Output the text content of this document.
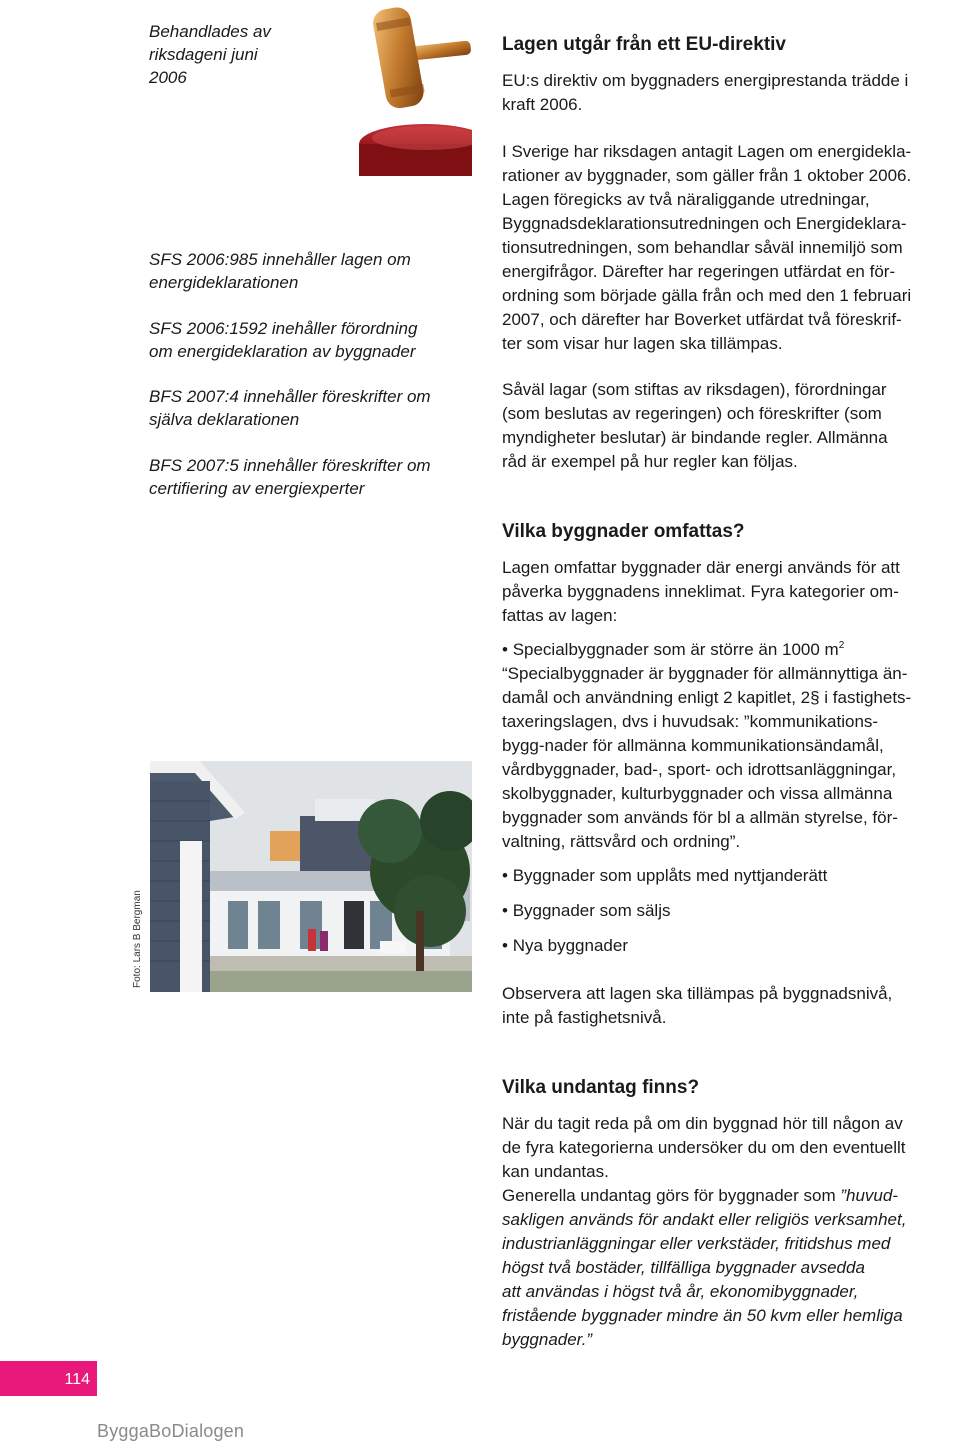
Behandlades av
riksdageni juni
2006
SFS 2006:985 innehåller lagen om
energideklarationen
SFS 2006:1592 inehåller förordning
om energideklaration av byggnader
BFS 2007:4 innehåller föreskrifter om
själva deklarationen
BFS 2007:5 innehåller föreskrifter om
certifiering av energiexperter
Foto: Lars B Bergman
Lagen utgår från ett EU-direktiv
EU:s direktiv om byggnaders energiprestanda trädde i
kraft 2006.
I Sverige har riksdagen antagit Lagen om energidekla-
rationer av byggnader, som gäller från 1 oktober 2006.
Lagen föregicks av två näraliggande utredningar,
Byggnadsdeklarationsutredningen och Energideklara-
tionsutredningen, som behandlar såväl innemiljö som
energifrågor. Därefter har regeringen utfärdat en för-
ordning som började gälla från och med den 1 februari
2007, och därefter har Boverket utfärdat två föreskrif-
ter som visar hur lagen ska tillämpas.
Såväl lagar (som stiftas av riksdagen), förordningar
(som beslutas av regeringen) och föreskrifter (som
myndigheter beslutar) är bindande regler. Allmänna
råd är exempel på hur regler kan följas.
Vilka byggnader omfattas?
Lagen omfattar byggnader där energi används för att
påverka byggnadens inneklimat. Fyra kategorier om-
fattas av lagen:
• Specialbyggnader som är större än 1000 $m^2$
“Specialbyggnader är byggnader för allmännyttiga än-
damål och användning enligt 2 kapitlet, 2§ i fastighets-
taxeringslagen, dvs i huvudsak: ”kommunikations-
bygg-nader för allmänna kommunikationsändamål,
vårdbyggnader, bad-, sport- och idrottsanläggningar,
skolbyggnader, kulturbyggnader och vissa allmänna
byggnader som används för bl a allmän styrelse, för-
valtning, rättsvård och ordning”.
• Byggnader som upplåts med nyttjanderätt
• Byggnader som säljs
• Nya byggnader
Observera att lagen ska tillämpas på byggnadsnivå,
inte på fastighetsnivå.
Vilka undantag finns?
När du tagit reda på om din byggnad hör till någon av
de fyra kategorierna undersöker du om den eventuellt
kan undantas.
Generella undantag görs för byggnader som ”huvud-
sakligen används för andakt eller religiös verksamhet,
industrianläggningar eller verkstäder, fritidshus med
högst två bostäder, tillfälliga byggnader avsedda
att användas i högst två år, ekonomibyggnader,
fristående byggnader mindre än 50 kvm eller hemliga
byggnader.”
114
ByggaBoDialogen
